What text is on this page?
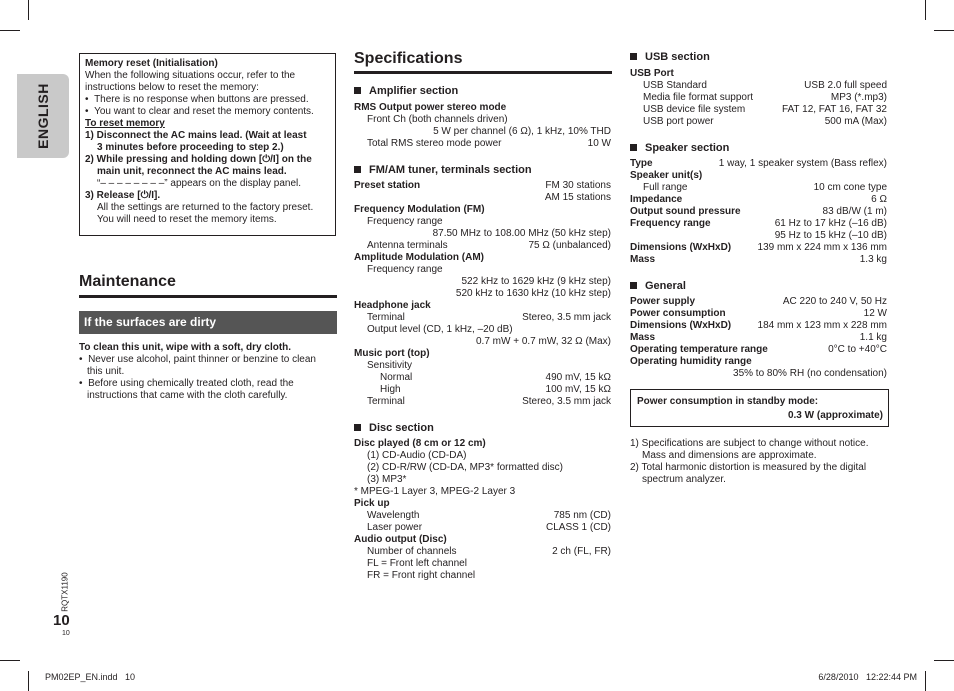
ENGLISH
RQTX1190
10
10
Memory reset (Initialisation)
When the following situations occur, refer to the
instructions below to reset the memory:
•  There is no response when buttons are pressed.
•  You want to clear and reset the memory contents.
To reset memory
1) Disconnect the AC mains lead. (Wait at least
3 minutes before proceeding to step 2.)
2) While pressing and holding down [⏻/I] on the
main unit, reconnect the AC mains lead.
“– – – – – – – –” appears on the display panel.
3) Release [⏻/I].
All the settings are returned to the factory preset.
You will need to reset the memory items.
Maintenance
If the surfaces are dirty
To clean this unit, wipe with a soft, dry cloth.
•  Never use alcohol, paint thinner or benzine to clean
this unit.
•  Before using chemically treated cloth, read the
instructions that came with the cloth carefully.
Specifications
Amplifier section
RMS Output power stereo mode
Front Ch (both channels driven)
5 W per channel (6 Ω), 1 kHz, 10% THD
Total RMS stereo mode power	10 W
FM/AM tuner, terminals section
Preset station	FM 30 stations
AM 15 stations
Frequency Modulation (FM)
Frequency range
87.50 MHz to 108.00 MHz (50 kHz step)
Antenna terminals	75 Ω (unbalanced)
Amplitude Modulation (AM)
Frequency range
522 kHz to 1629 kHz (9 kHz step)
520 kHz to 1630 kHz (10 kHz step)
Headphone jack
Terminal	Stereo, 3.5 mm jack
Output level (CD, 1 kHz, –20 dB)
0.7 mW + 0.7 mW, 32 Ω (Max)
Music port (top)
Sensitivity
Normal	490 mV, 15 kΩ
High	100 mV, 15 kΩ
Terminal	Stereo, 3.5 mm jack
Disc section
Disc played (8 cm or 12 cm)
(1) CD-Audio (CD-DA)
(2) CD-R/RW (CD-DA, MP3* formatted disc)
(3) MP3*
* MPEG-1 Layer 3, MPEG-2 Layer 3
Pick up
Wavelength	785 nm (CD)
Laser power	CLASS 1 (CD)
Audio output (Disc)
Number of channels	2 ch (FL, FR)
FL = Front left channel
FR = Front right channel
USB section
USB Port
USB Standard	USB 2.0 full speed
Media file format support	MP3 (*.mp3)
USB device file system	FAT 12, FAT 16, FAT 32
USB port power	500 mA (Max)
Speaker section
Type	1 way, 1 speaker system (Bass reflex)
Speaker unit(s)
Full range	10 cm cone type
Impedance	6 Ω
Output sound pressure	83 dB/W (1 m)
Frequency range	61 Hz to 17 kHz (–16 dB)
95 Hz to 15 kHz (–10 dB)
Dimensions (WxHxD)	139 mm x 224 mm x 136 mm
Mass	1.3 kg
General
Power supply	AC 220 to 240 V, 50 Hz
Power consumption	12 W
Dimensions (WxHxD)	184 mm x 123 mm x 228 mm
Mass	1.1 kg
Operating temperature range	0°C to +40°C
Operating humidity range
35% to 80% RH (no condensation)
Power consumption in standby mode:
0.3 W (approximate)
1) Specifications are subject to change without notice.
Mass and dimensions are approximate.
2) Total harmonic distortion is measured by the digital
spectrum analyzer.
PM02EP_EN.indd   10	6/28/2010   12:22:44 PM
